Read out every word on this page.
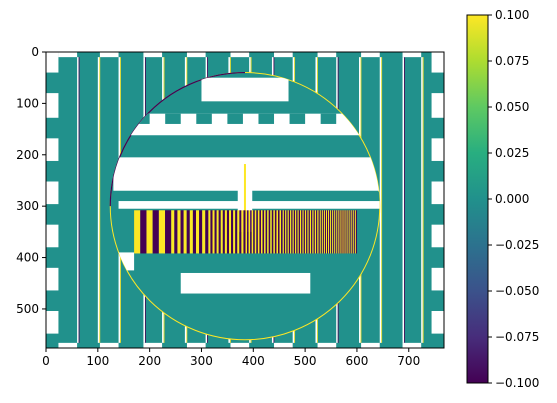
0	100 200 300 400 500 600 700
0
100
200
300
400
500
0.100
0.075
0.050
0.025
0.000
−0.025
−0.050
−0.075
−0.100
